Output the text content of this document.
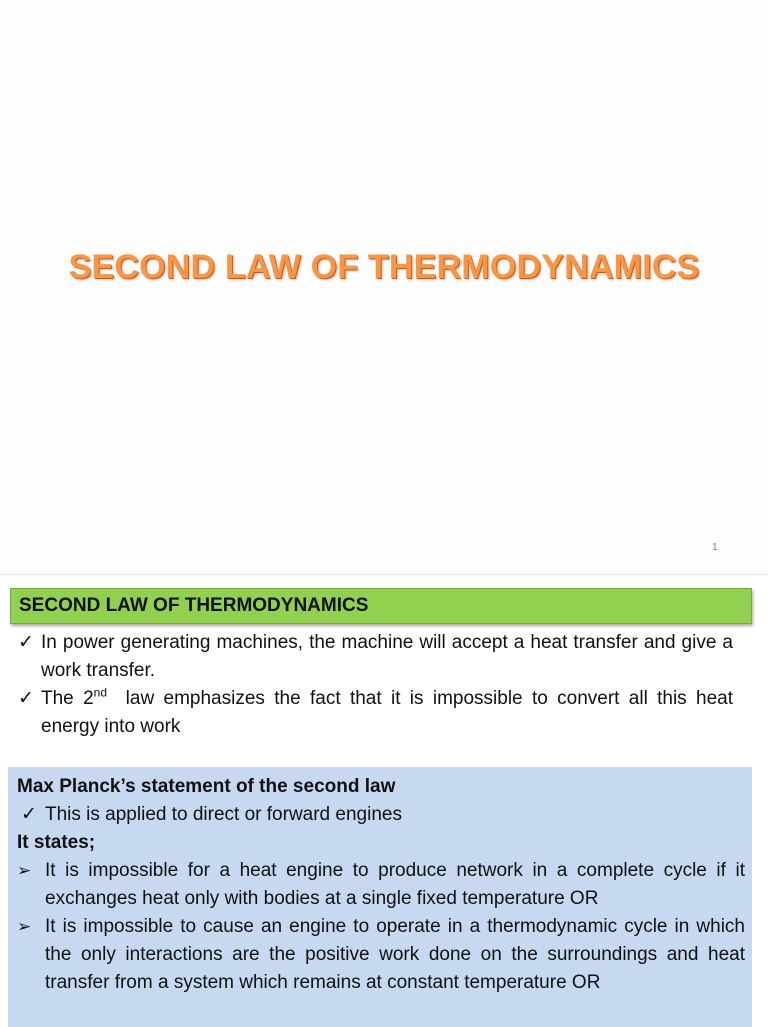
SECOND LAW OF THERMODYNAMICS
1
SECOND LAW OF THERMODYNAMICS
✓ In power generating machines, the machine will accept a heat transfer and give a work transfer.
✓ The 2nd  law emphasizes the fact that it is impossible to convert all this heat energy into work
Max Planck’s statement of the second law
✓ This is applied to direct or forward engines
It states;
➢ It is impossible for a heat engine to produce network in a complete cycle if it exchanges heat only with bodies at a single fixed temperature OR
➢ It is impossible to cause an engine to operate in a thermodynamic cycle in which the only interactions are the positive work done on the surroundings and heat transfer from a system which remains at constant temperature OR
